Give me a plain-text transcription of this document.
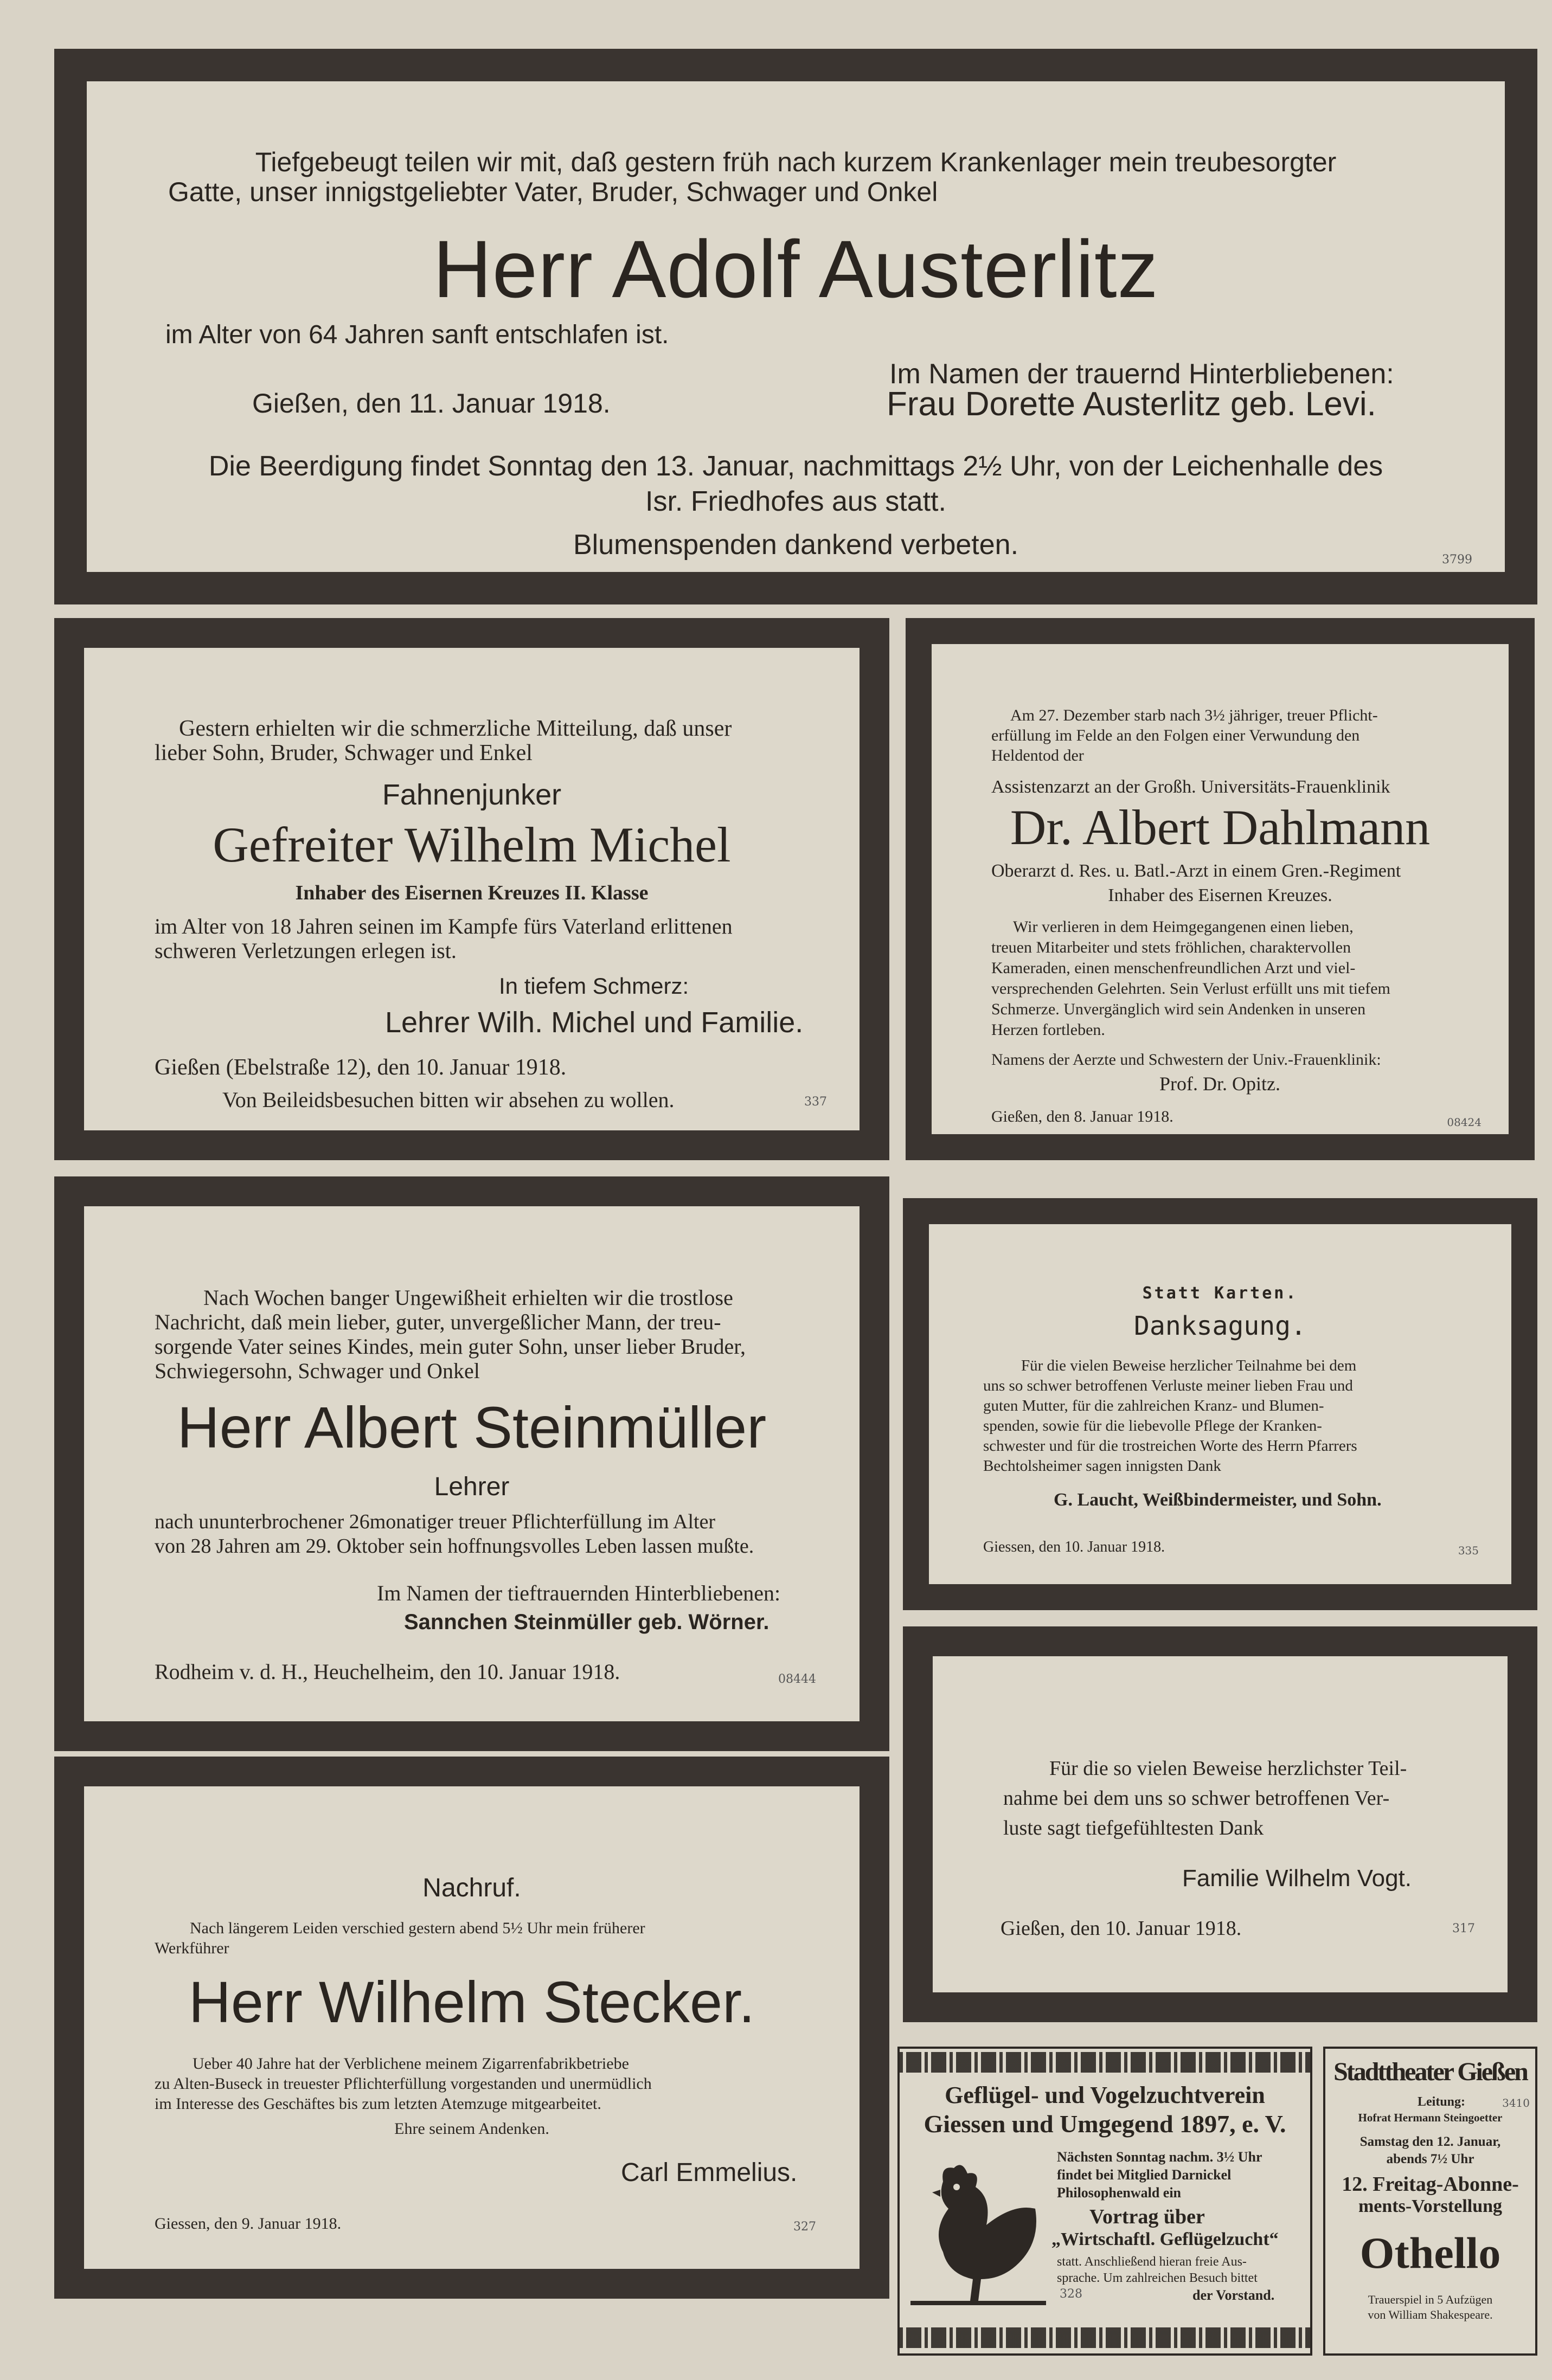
Tiefgebeugt teilen wir mit, daß gestern früh nach kurzem Krankenlager mein treubesorgter
Gatte, unser innigstgeliebter Vater, Bruder, Schwager und Onkel
Herr Adolf Austerlitz
im Alter von 64 Jahren sanft entschlafen ist.
Im Namen der trauernd Hinterbliebenen:
Gießen, den 11. Januar 1918.	Frau Dorette Austerlitz geb. Levi.
Die Beerdigung findet Sonntag den 13. Januar, nachmittags 2½ Uhr, von der Leichenhalle des
Isr. Friedhofes aus statt.
Blumenspenden dankend verbeten.	3799
Gestern erhielten wir die schmerzliche Mitteilung, daß unser
lieber Sohn, Bruder, Schwager und Enkel
Fahnenjunker
Gefreiter Wilhelm Michel
Inhaber des Eisernen Kreuzes II. Klasse
im Alter von 18 Jahren seinen im Kampfe fürs Vaterland erlittenen
schweren Verletzungen erlegen ist.
In tiefem Schmerz:
Lehrer Wilh. Michel und Familie.
Gießen (Ebelstraße 12), den 10. Januar 1918.
Von Beileidsbesuchen bitten wir absehen zu wollen.	337
Am 27. Dezember starb nach 3½ jähriger, treuer Pflicht-
erfüllung im Felde an den Folgen einer Verwundung den
Heldentod der
Assistenzarzt an der Großh. Universitäts-Frauenklinik
Dr. Albert Dahlmann
Oberarzt d. Res. u. Batl.-Arzt in einem Gren.-Regiment
Inhaber des Eisernen Kreuzes.
Wir verlieren in dem Heimgegangenen einen lieben,
treuen Mitarbeiter und stets fröhlichen, charaktervollen
Kameraden, einen menschenfreundlichen Arzt und viel-
versprechenden Gelehrten. Sein Verlust erfüllt uns mit tiefem
Schmerze. Unvergänglich wird sein Andenken in unseren
Herzen fortleben.
Namens der Aerzte und Schwestern der Univ.-Frauenklinik:
Prof. Dr. Opitz.
Gießen, den 8. Januar 1918.	08424
Nach Wochen banger Ungewißheit erhielten wir die trostlose
Nachricht, daß mein lieber, guter, unvergeßlicher Mann, der treu-
sorgende Vater seines Kindes, mein guter Sohn, unser lieber Bruder,
Schwiegersohn, Schwager und Onkel
Herr Albert Steinmüller
Lehrer
nach ununterbrochener 26monatiger treuer Pflichterfüllung im Alter
von 28 Jahren am 29. Oktober sein hoffnungsvolles Leben lassen mußte.
Im Namen der tieftrauernden Hinterbliebenen:
Sannchen Steinmüller geb. Wörner.
Rodheim v. d. H., Heuchelheim, den 10. Januar 1918.	08444
Statt Karten.
Danksagung.
Für die vielen Beweise herzlicher Teilnahme bei dem
uns so schwer betroffenen Verluste meiner lieben Frau und
guten Mutter, für die zahlreichen Kranz- und Blumen-
spenden, sowie für die liebevolle Pflege der Kranken-
schwester und für die trostreichen Worte des Herrn Pfarrers
Bechtolsheimer sagen innigsten Dank
G. Laucht, Weißbindermeister, und Sohn.
Giessen, den 10. Januar 1918.	335
Für die so vielen Beweise herzlichster Teil-
nahme bei dem uns so schwer betroffenen Ver-
luste sagt tiefgefühltesten Dank
Familie Wilhelm Vogt.
Gießen, den 10. Januar 1918.	317
Nachruf.
Nach längerem Leiden verschied gestern abend 5½ Uhr mein früherer
Werkführer
Herr Wilhelm Stecker.
Ueber 40 Jahre hat der Verblichene meinem Zigarrenfabrikbetriebe
zu Alten-Buseck in treuester Pflichterfüllung vorgestanden und unermüdlich
im Interesse des Geschäftes bis zum letzten Atemzuge mitgearbeitet.
Ehre seinem Andenken.
Carl Emmelius.
Giessen, den 9. Januar 1918.	327
Geflügel- und Vogelzuchtverein
Giessen und Umgegend 1897, e. V.
Nächsten Sonntag nachm. 3½ Uhr
findet bei Mitglied Darnickel
Philosophenwald ein
Vortrag über
„Wirtschaftl. Geflügelzucht“
statt. Anschließend hieran freie Aus-
sprache. Um zahlreichen Besuch bittet
328	der Vorstand.
Stadttheater Gießen
Leitung:	3410
Hofrat Hermann Steingoetter
Samstag den 12. Januar,
abends 7½ Uhr
12. Freitag-Abonne-
ments-Vorstellung
Othello
Trauerspiel in 5 Aufzügen
von William Shakespeare.
